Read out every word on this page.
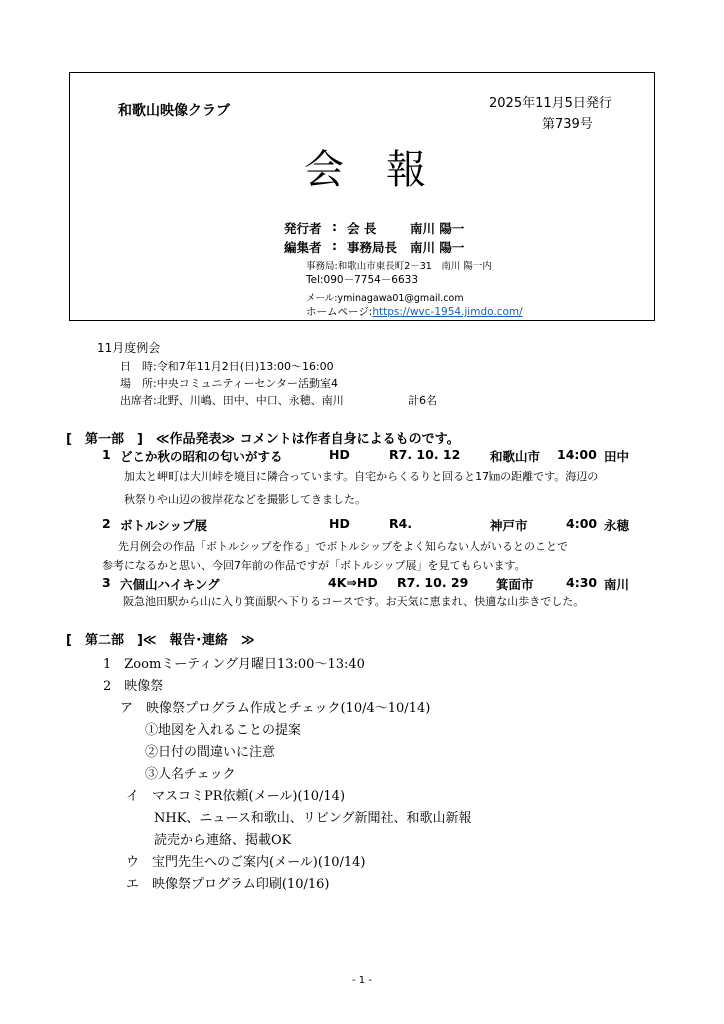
和歌山映像クラブ	2025年11月5日発行
第739号
会報
発行者 : 会 長	南川 陽一
編集者 : 事務局長 南川 陽一
事務局:和歌山市東長町2－31　南川 陽一内
Tel:090－7754－6633
メール:yminagawa01@gmail.com
ホームページ:https://wvc-1954.jimdo.com/
11月度例会
日　時:令和7年11月2日(日)13:00～16:00
場　所:中央コミュニティーセンター活動室4
出席者:北野、川嶋、田中、中口、永穂、南川	計6名
[　第一部　]　≪作品発表≫ コメントは作者自身によるものです。
1 どこか秋の昭和の匂いがする	HD	R7. 10. 12 和歌山市 14:00 田中
加太と岬町は大川峠を境目に隣合っています。自宅からくるりと回ると17㎞の距離です。海辺の
秋祭りや山辺の彼岸花などを撮影してきました。
2 ボトルシップ展	HD	R4.	神戸市	4:00 永穂
先月例会の作品「ボトルシップを作る」でボトルシップをよく知らない人がいるとのことで
参考になるかと思い、今回7年前の作品ですが「ボトルシップ展」を見てもらいます。
3 六個山ハイキング	4K⇒HD R7. 10. 29 箕面市	4:30 南川
阪急池田駅から山に入り箕面駅へ下りるコースです。お天気に恵まれ、快適な山歩きでした。
[　第二部　]≪　報告･連絡　≫
1　Zoomミーティング月曜日13:00～13:40
2　映像祭
ア　映像祭プログラム作成とチェック(10/4～10/14)
①地図を入れることの提案
②日付の間違いに注意
③人名チェック
イ　マスコミPR依頼(メール)(10/14)
NHK、ニュース和歌山、リビング新聞社、和歌山新報
読売から連絡、掲載OK
ウ　宝門先生へのご案内(メール)(10/14)
エ　映像祭プログラム印刷(10/16)
- 1 -
